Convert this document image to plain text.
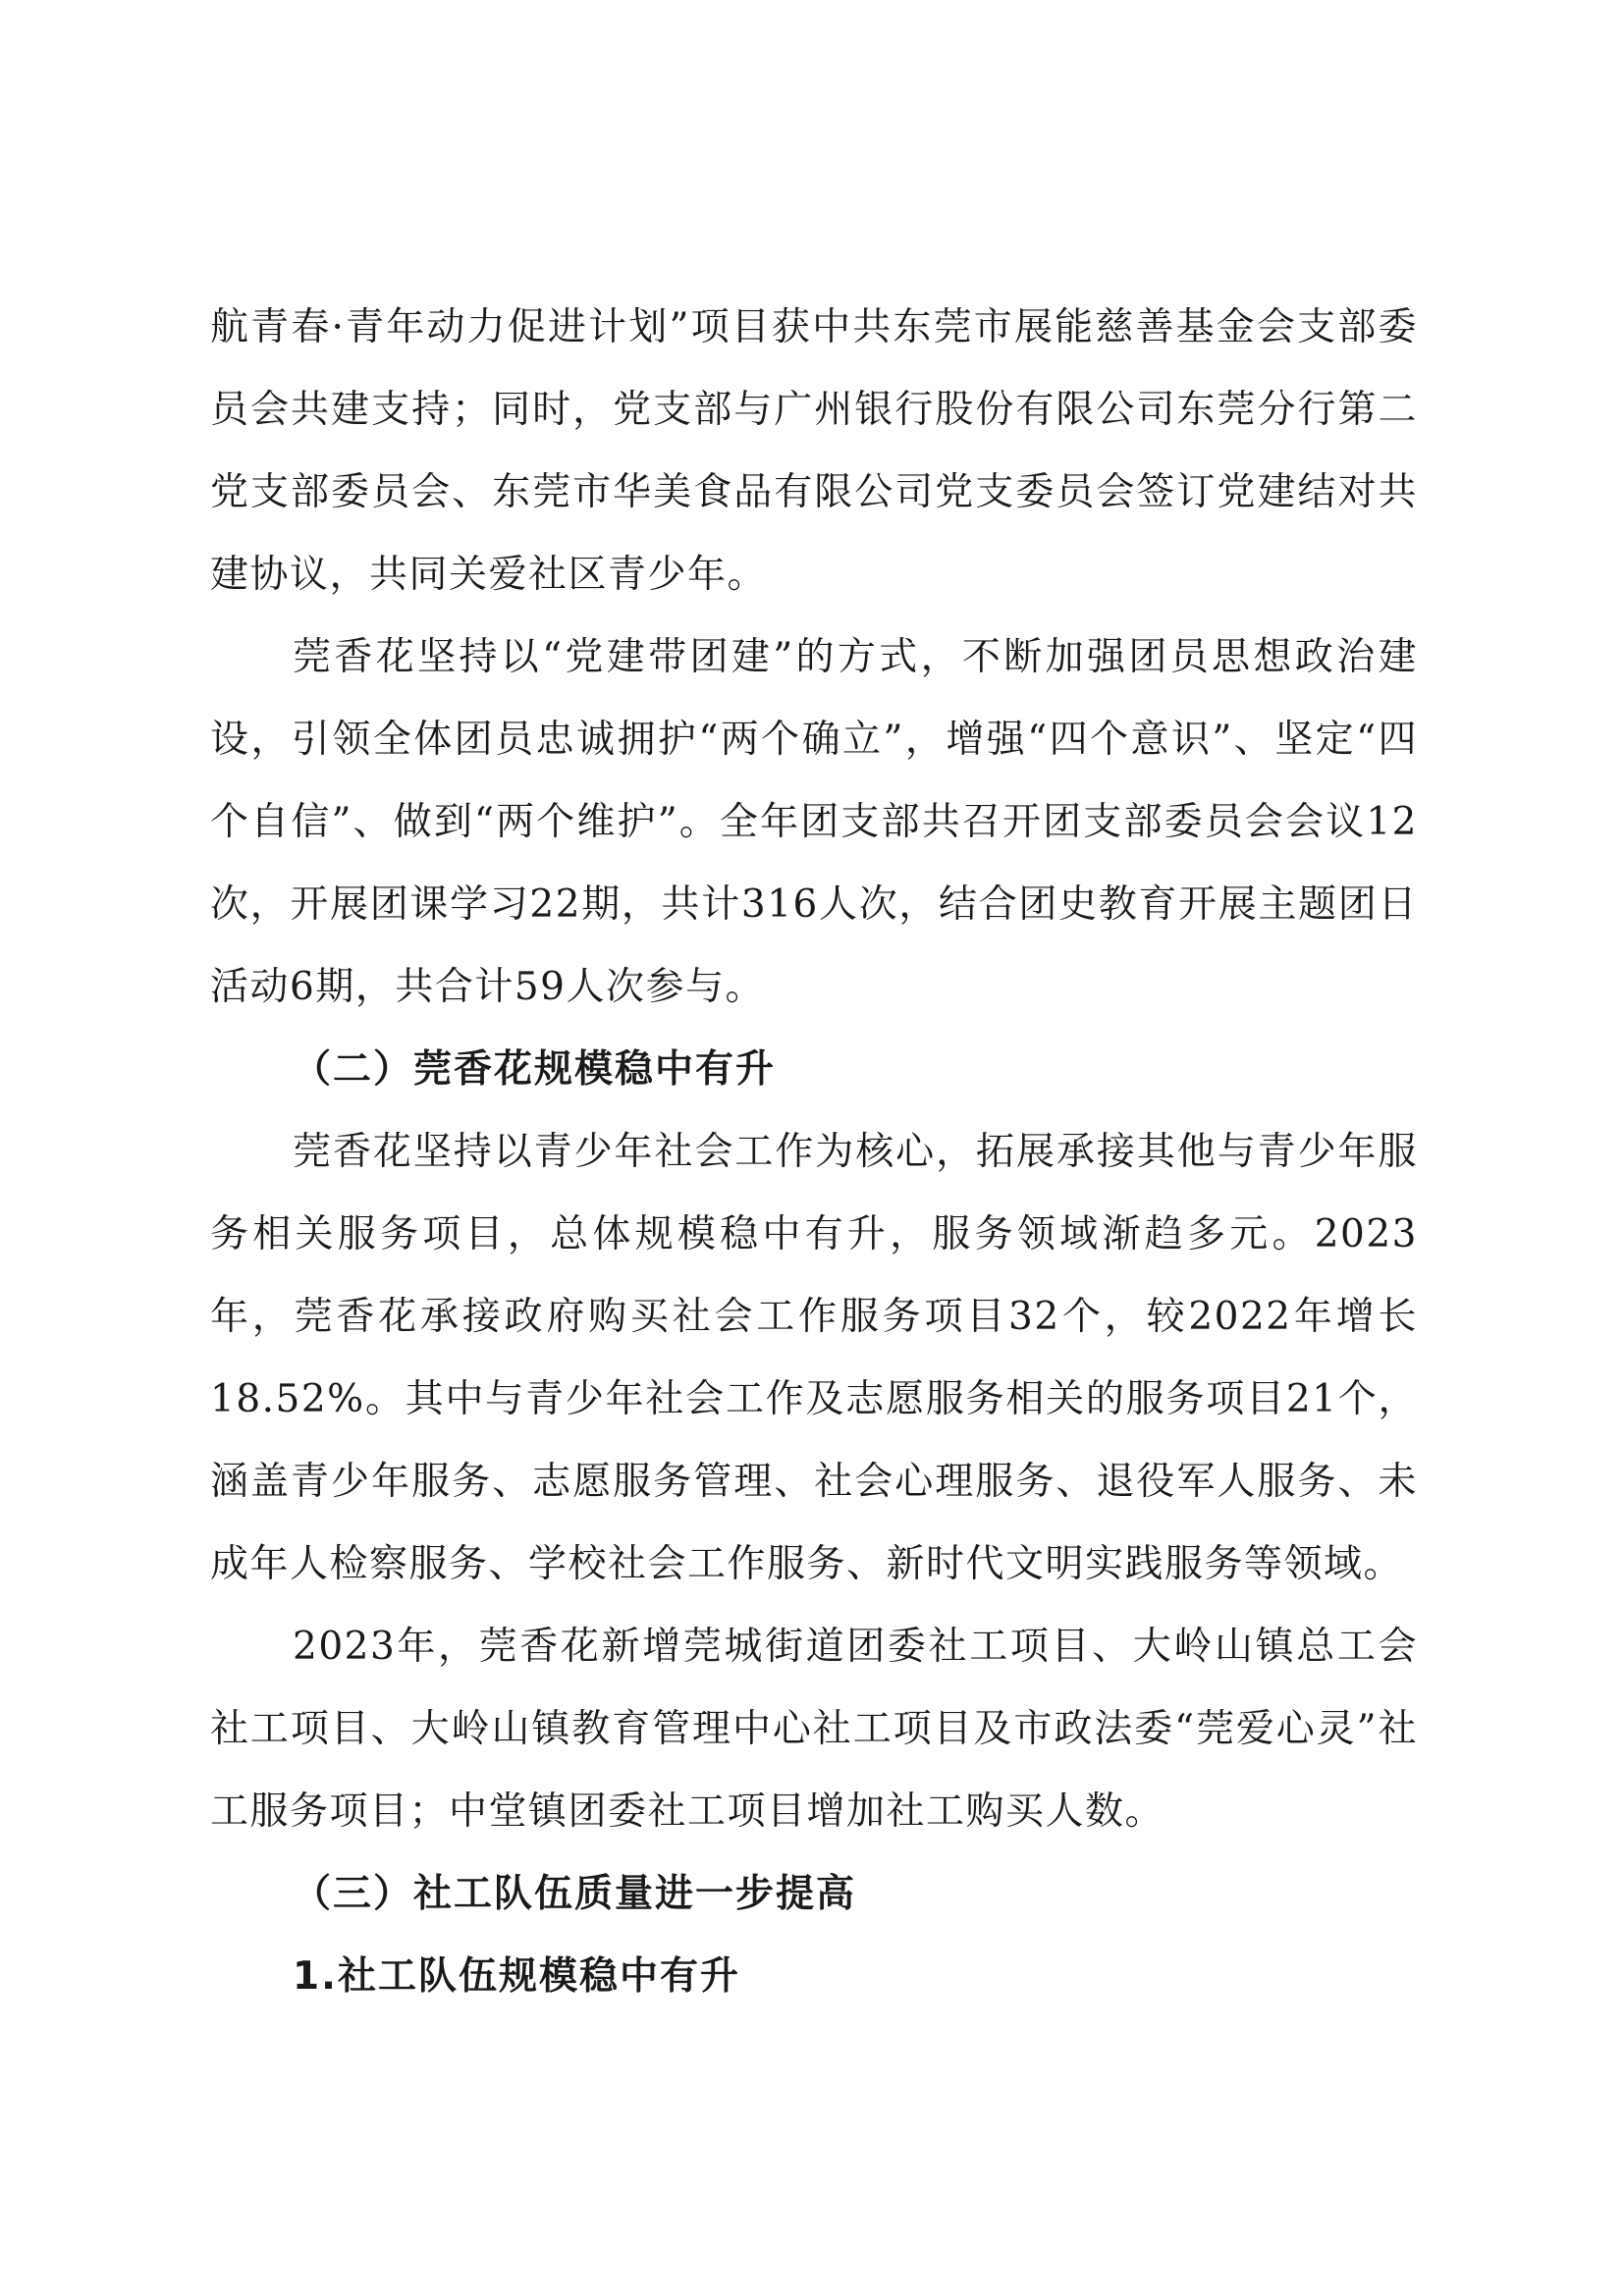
航青春·青年动力促进计划”项目获中共东莞市展能慈善基金会支部委员会共建支持；同时，党支部与广州银行股份有限公司东莞分行第二党支部委员会、东莞市华美食品有限公司党支委员会签订党建结对共建协议，共同关爱社区青少年。

莞香花坚持以“党建带团建”的方式，不断加强团员思想政治建设，引领全体团员忠诚拥护“两个确立”，增强“四个意识”、坚定“四个自信”、做到“两个维护”。全年团支部共召开团支部委员会会议12次，开展团课学习22期，共计316人次，结合团史教育开展主题团日活动6期，共合计59人次参与。

（二）莞香花规模稳中有升

莞香花坚持以青少年社会工作为核心，拓展承接其他与青少年服务相关服务项目，总体规模稳中有升，服务领域渐趋多元。2023年，莞香花承接政府购买社会工作服务项目32个，较2022年增长18.52%。其中与青少年社会工作及志愿服务相关的服务项目21个，涵盖青少年服务、志愿服务管理、社会心理服务、退役军人服务、未成年人检察服务、学校社会工作服务、新时代文明实践服务等领域。

2023年，莞香花新增莞城街道团委社工项目、大岭山镇总工会社工项目、大岭山镇教育管理中心社工项目及市政法委“莞爱心灵”社工服务项目；中堂镇团委社工项目增加社工购买人数。

（三）社工队伍质量进一步提高

1.社工队伍规模稳中有升
